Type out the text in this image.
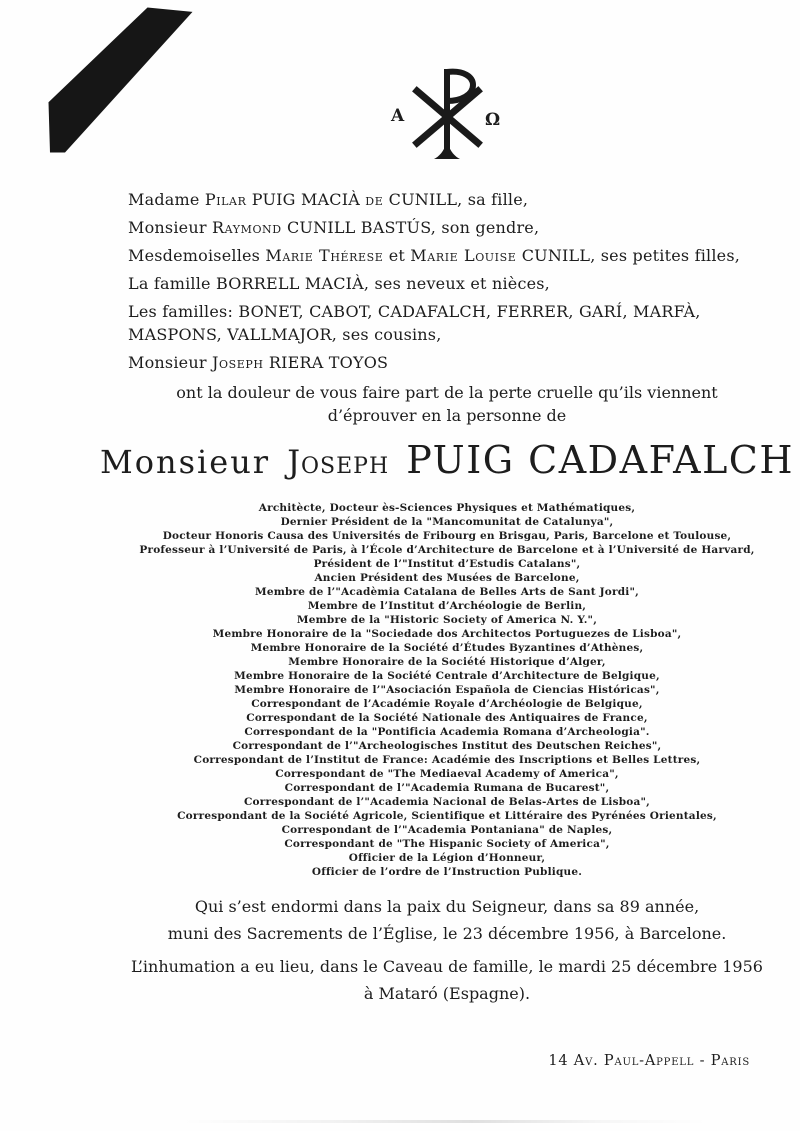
Α	Ω
Madame Pilar PUIG MACIÀ de CUNILL, sa fille,
Monsieur Raymond CUNILL BASTÚS, son gendre,
Mesdemoiselles Marie Thérese et Marie Louise CUNILL, ses petites filles,
La famille BORRELL MACIÀ, ses neveux et nièces,
Les familles: BONET, CABOT, CADAFALCH, FERRER, GARÍ, MARFÀ, MASPONS, VALLMAJOR, ses cousins,
Monsieur Joseph RIERA TOYOS
ont la douleur de vous faire part de la perte cruelle qu’ils viennent
d’éprouver en la personne de
Monsieur Joseph PUIG CADAFALCH
Architècte, Docteur ès-Sciences Physiques et Mathématiques,
Dernier Président de la "Mancomunitat de Catalunya",
Docteur Honoris Causa des Universités de Fribourg en Brisgau, Paris, Barcelone et Toulouse,
Professeur à l’Université de Paris, à l’École d’Architecture de Barcelone et à l’Université de Harvard,
Président de l’"Institut d’Estudis Catalans",
Ancien Président des Musées de Barcelone,
Membre de l’"Acadèmia Catalana de Belles Arts de Sant Jordi",
Membre de l’Institut d’Archéologie de Berlin,
Membre de la "Historic Society of America N. Y.",
Membre Honoraire de la "Sociedade dos Architectos Portuguezes de Lisboa",
Membre Honoraire de la Société d’Études Byzantines d’Athènes,
Membre Honoraire de la Société Historique d’Alger,
Membre Honoraire de la Société Centrale d’Architecture de Belgique,
Membre Honoraire de l’"Asociación Española de Ciencias Históricas",
Correspondant de l’Académie Royale d’Archéologie de Belgique,
Correspondant de la Société Nationale des Antiquaires de France,
Correspondant de la "Pontificia Academia Romana d’Archeologia".
Correspondant de l’"Archeologisches Institut des Deutschen Reiches",
Correspondant de l’Institut de France: Académie des Inscriptions et Belles Lettres,
Correspondant de "The Mediaeval Academy of America",
Correspondant de l’"Academia Rumana de Bucarest",
Correspondant de l’"Academia Nacional de Belas-Artes de Lisboa",
Correspondant de la Société Agricole, Scientifique et Littéraire des Pyrénées Orientales,
Correspondant de l’"Academia Pontaniana" de Naples,
Correspondant de "The Hispanic Society of America",
Officier de la Légion d’Honneur,
Officier de l’ordre de l’Instruction Publique.
Qui s’est endormi dans la paix du Seigneur, dans sa 89 année,
muni des Sacrements de l’Église, le 23 décembre 1956, à Barcelone.
L’inhumation a eu lieu, dans le Caveau de famille, le mardi 25 décembre 1956
à Mataró (Espagne).
14 Av. Paul-Appell - Paris
